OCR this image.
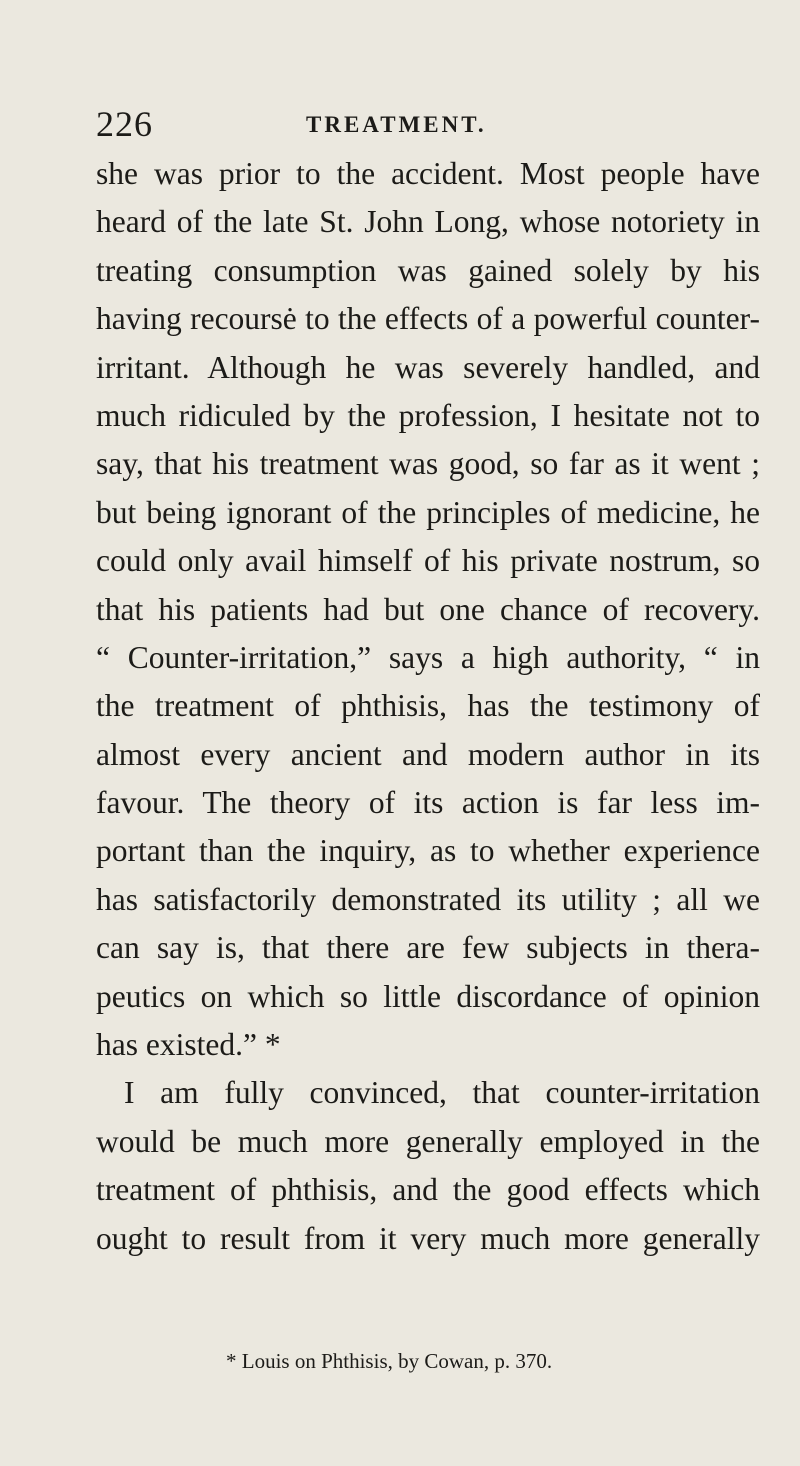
226	TREATMENT.
she was prior to the accident. Most people have
heard of the late St. John Long, whose notoriety in
treating consumption was gained solely by his
having recoursė to the effects of a powerful counter-
irritant. Although he was severely handled, and
much ridiculed by the profession, I hesitate not to
say, that his treatment was good, so far as it went ;
but being ignorant of the principles of medicine, he
could only avail himself of his private nostrum, so
that his patients had but one chance of recovery.
“ Counter-irritation,” says a high authority, “ in
the treatment of phthisis, has the testimony of
almost every ancient and modern author in its
favour. The theory of its action is far less im-
portant than the inquiry, as to whether experience
has satisfactorily demonstrated its utility ; all we
can say is, that there are few subjects in thera-
peutics on which so little discordance of opinion
has existed.” *
I am fully convinced, that counter-irritation
would be much more generally employed in the
treatment of phthisis, and the good effects which
ought to result from it very much more generally
* Louis on Phthisis, by Cowan, p. 370.
